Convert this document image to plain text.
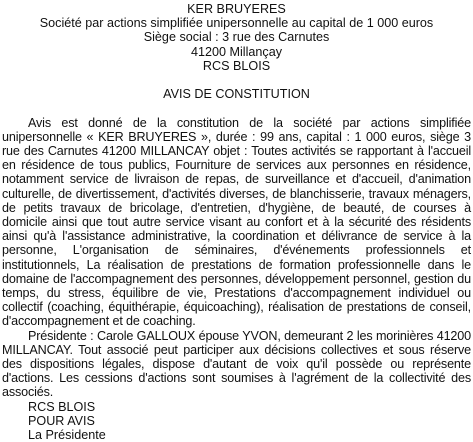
KER BRUYERES

Société par actions simplifiée unipersonnelle au capital de 1 000 euros

Siège social : 3 rue des Carnutes

41200 Millançay

RCS BLOIS

AVIS DE CONSTITUTION

Avis est donné de la constitution de la société par actions simplifiée unipersonnelle « KER BRUYERES », durée : 99 ans, capital : 1 000 euros, siège 3 rue des Carnutes 41200 MILLANCAY objet : Toutes activités se rapportant à l'accueil en résidence de tous publics, Fourniture de services aux personnes en résidence, notamment service de livraison de repas, de surveillance et d'accueil, d'animation culturelle, de divertissement, d'activités diverses, de blanchisserie, travaux ménagers, de petits travaux de bricolage, d'entretien, d'hygiène, de beauté, de courses à domicile ainsi que tout autre service visant au confort et à la sécurité des résidents ainsi qu'à l'assistance administrative, la coordination et délivrance de service à la personne, L'organisation de séminaires, d'événements professionnels et institutionnels, La réalisation de prestations de formation professionnelle dans le domaine de l'accompagnement des personnes, développement personnel, gestion du temps, du stress, équilibre de vie, Prestations d'accompagnement individuel ou collectif (coaching, équithérapie, équicoaching), réalisation de prestations de conseil, d'accompagnement et de coaching.

Présidente : Carole GALLOUX épouse YVON, demeurant 2 les morinières 41200 MILLANCAY. Tout associé peut participer aux décisions collectives et sous réserve des dispositions légales, dispose d'autant de voix qu'il possède ou représente d'actions. Les cessions d'actions sont soumises à l'agrément de la collectivité des associés.

RCS BLOIS

POUR AVIS

La Présidente
